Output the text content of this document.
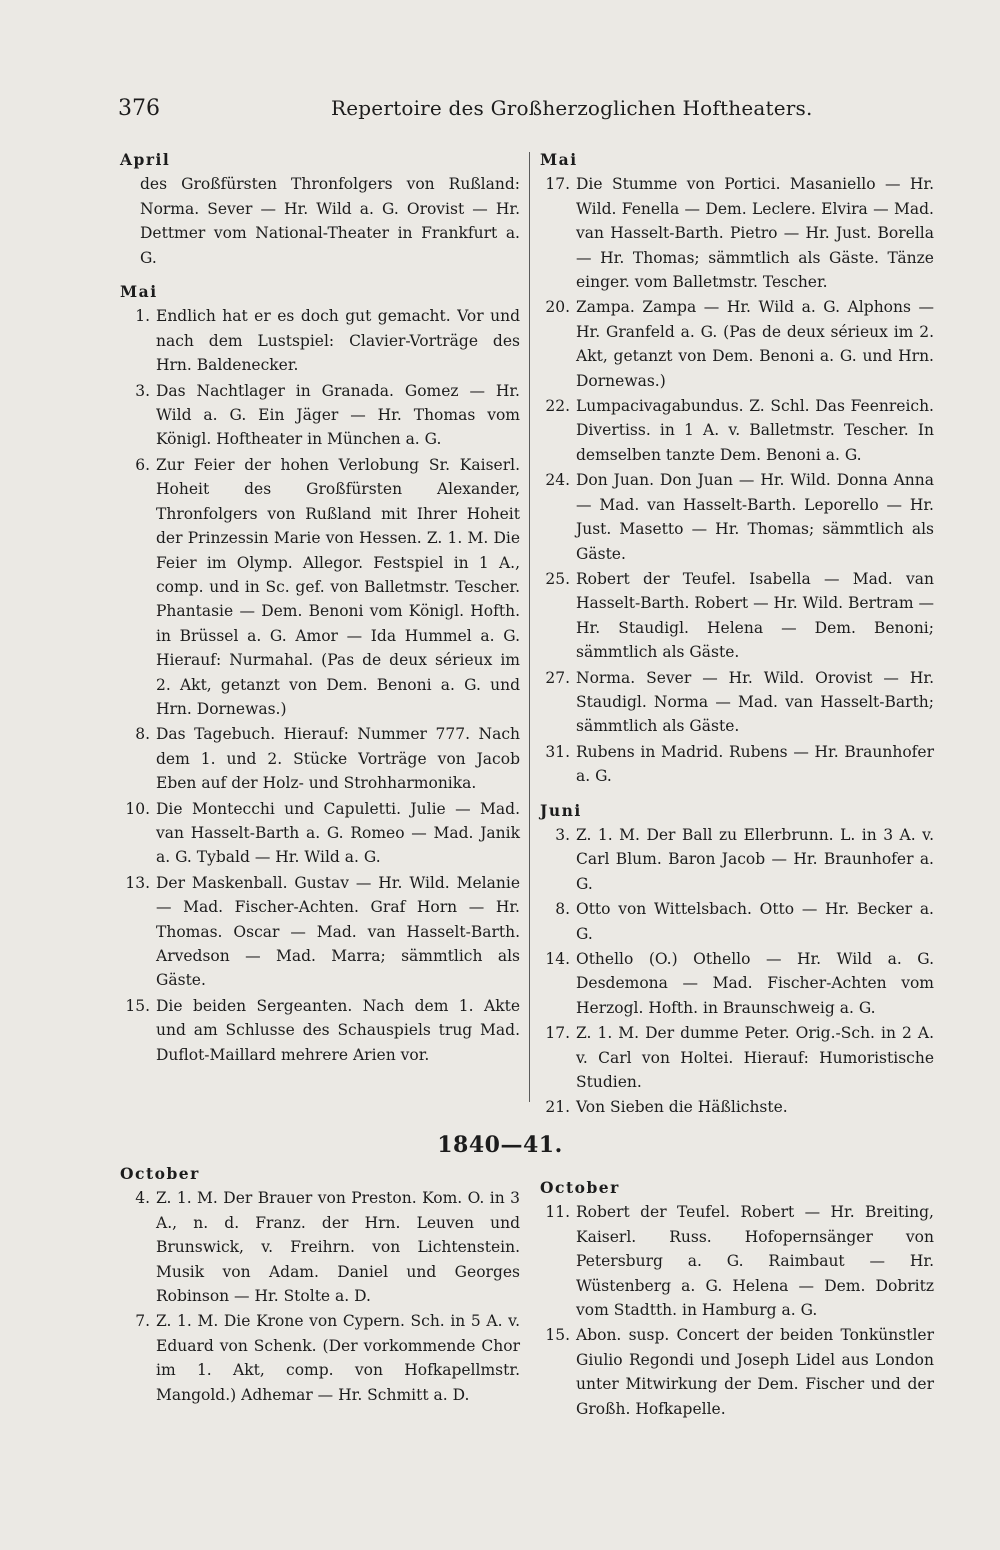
376	Repertoire des Großherzoglichen Hoftheaters.
April
des Großfürsten Thronfolgers von Rußland: Norma. Sever — Hr. Wild a. G. Orovist — Hr. Dettmer vom National-Theater in Frankfurt a. G.
Mai
1. Endlich hat er es doch gut gemacht. Vor und nach dem Lustspiel: Clavier-Vorträge des Hrn. Baldenecker.
3. Das Nachtlager in Granada. Gomez — Hr. Wild a. G. Ein Jäger — Hr. Thomas vom Königl. Hoftheater in München a. G.
6. Zur Feier der hohen Verlobung Sr. Kaiserl. Hoheit des Großfürsten Alexander, Thronfolgers von Rußland mit Ihrer Hoheit der Prinzessin Marie von Hessen. Z. 1. M. Die Feier im Olymp. Allegor. Festspiel in 1 A., comp. und in Sc. gef. von Balletmstr. Tescher. Phantasie — Dem. Benoni vom Königl. Hofth. in Brüssel a. G. Amor — Ida Hummel a. G. Hierauf: Nurmahal. (Pas de deux sérieux im 2. Akt, getanzt von Dem. Benoni a. G. und Hrn. Dornewas.)
8. Das Tagebuch. Hierauf: Nummer 777. Nach dem 1. und 2. Stücke Vorträge von Jacob Eben auf der Holz- und Strohharmonika.
10. Die Montecchi und Capuletti. Julie — Mad. van Hasselt-Barth a. G. Romeo — Mad. Janik a. G. Tybald — Hr. Wild a. G.
13. Der Maskenball. Gustav — Hr. Wild. Melanie — Mad. Fischer-Achten. Graf Horn — Hr. Thomas. Oscar — Mad. van Hasselt-Barth. Arvedson — Mad. Marra; sämmtlich als Gäste.
15. Die beiden Sergeanten. Nach dem 1. Akte und am Schlusse des Schauspiels trug Mad. Duflot-Maillard mehrere Arien vor.
Mai
17. Die Stumme von Portici. Masaniello — Hr. Wild. Fenella — Dem. Leclere. Elvira — Mad. van Hasselt-Barth. Pietro — Hr. Just. Borella — Hr. Thomas; sämmtlich als Gäste. Tänze einger. vom Balletmstr. Tescher.
20. Zampa. Zampa — Hr. Wild a. G. Alphons — Hr. Granfeld a. G. (Pas de deux sérieux im 2. Akt, getanzt von Dem. Benoni a. G. und Hrn. Dornewas.)
22. Lumpacivagabundus. Z. Schl. Das Feenreich. Divertiss. in 1 A. v. Balletmstr. Tescher. In demselben tanzte Dem. Benoni a. G.
24. Don Juan. Don Juan — Hr. Wild. Donna Anna — Mad. van Hasselt-Barth. Leporello — Hr. Just. Masetto — Hr. Thomas; sämmtlich als Gäste.
25. Robert der Teufel. Isabella — Mad. van Hasselt-Barth. Robert — Hr. Wild. Bertram — Hr. Staudigl. Helena — Dem. Benoni; sämmtlich als Gäste.
27. Norma. Sever — Hr. Wild. Orovist — Hr. Staudigl. Norma — Mad. van Hasselt-Barth; sämmtlich als Gäste.
31. Rubens in Madrid. Rubens — Hr. Braunhofer a. G.
Juni
3. Z. 1. M. Der Ball zu Ellerbrunn. L. in 3 A. v. Carl Blum. Baron Jacob — Hr. Braunhofer a. G.
8. Otto von Wittelsbach. Otto — Hr. Becker a. G.
14. Othello (O.) Othello — Hr. Wild a. G. Desdemona — Mad. Fischer-Achten vom Herzogl. Hofth. in Braunschweig a. G.
17. Z. 1. M. Der dumme Peter. Orig.-Sch. in 2 A. v. Carl von Holtei. Hierauf: Humoristische Studien.
21. Von Sieben die Häßlichste.
1840—41.
October
4. Z. 1. M. Der Brauer von Preston. Kom. O. in 3 A., n. d. Franz. der Hrn. Leuven und Brunswick, v. Freihrn. von Lichtenstein. Musik von Adam. Daniel und Georges Robinson — Hr. Stolte a. D.
7. Z. 1. M. Die Krone von Cypern. Sch. in 5 A. v. Eduard von Schenk. (Der vorkommende Chor im 1. Akt, comp. von Hofkapellmstr. Mangold.) Adhemar — Hr. Schmitt a. D.
October
11. Robert der Teufel. Robert — Hr. Breiting, Kaiserl. Russ. Hofopernsänger von Petersburg a. G. Raimbaut — Hr. Wüstenberg a. G. Helena — Dem. Dobritz vom Stadtth. in Hamburg a. G.
15. Abon. susp. Concert der beiden Tonkünstler Giulio Regondi und Joseph Lidel aus London unter Mitwirkung der Dem. Fischer und der Großh. Hofkapelle.
